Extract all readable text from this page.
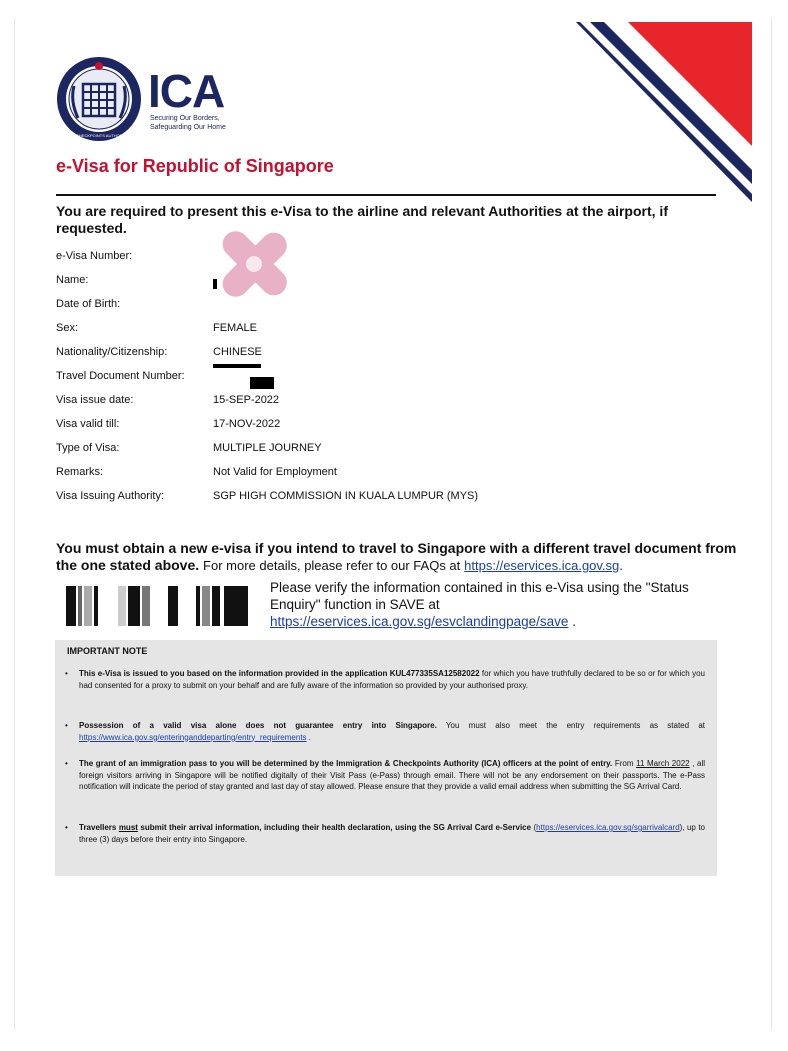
IMMIGRATION & CHECKPOINTS AUTHORITY SINGAPORE
ICA
Securing Our Borders,
Safeguarding Our Home
e-Visa for Republic of Singapore
You are required to present this e-Visa to the airline and relevant Authorities at the airport, if requested.
e-Visa Number:
Name:
Date of Birth:
Sex:	FEMALE
Nationality/Citizenship:	CHINESE
Travel Document Number:
Visa issue date:	15-SEP-2022
Visa valid till:	17-NOV-2022
Type of Visa:	MULTIPLE JOURNEY
Remarks:	Not Valid for Employment
Visa Issuing Authority:	SGP HIGH COMMISSION IN KUALA LUMPUR (MYS)
You must obtain a new e-visa if you intend to travel to Singapore with a different travel document from the one stated above. For more details, please refer to our FAQs at https://eservices.ica.gov.sg.
Please verify the information contained in this e-Visa using the "Status Enquiry" function in SAVE at
https://eservices.ica.gov.sg/esvclandingpage/save .
IMPORTANT NOTE
• This e-Visa is issued to you based on the information provided in the application KUL477335SA12582022 for which you have truthfully declared to be so or for which you had consented for a proxy to submit on your behalf and are fully aware of the information so provided by your authorised proxy.
• Possession of a valid visa alone does not guarantee entry into Singapore. You must also meet the entry requirements as stated at https://www.ica.gov.sg/enteringanddeparting/entry_requirements .
• The grant of an immigration pass to you will be determined by the Immigration & Checkpoints Authority (ICA) officers at the point of entry. From 11 March 2022 , all foreign visitors arriving in Singapore will be notified digitally of their Visit Pass (e-Pass) through email. There will not be any endorsement on their passports. The e-Pass notification will indicate the period of stay granted and last day of stay allowed. Please ensure that they provide a valid email address when submitting the SG Arrival Card.
• Travellers must submit their arrival information, including their health declaration, using the SG Arrival Card e-Service (https://eservices.ica.gov.sg/sgarrivalcard), up to three (3) days before their entry into Singapore.
